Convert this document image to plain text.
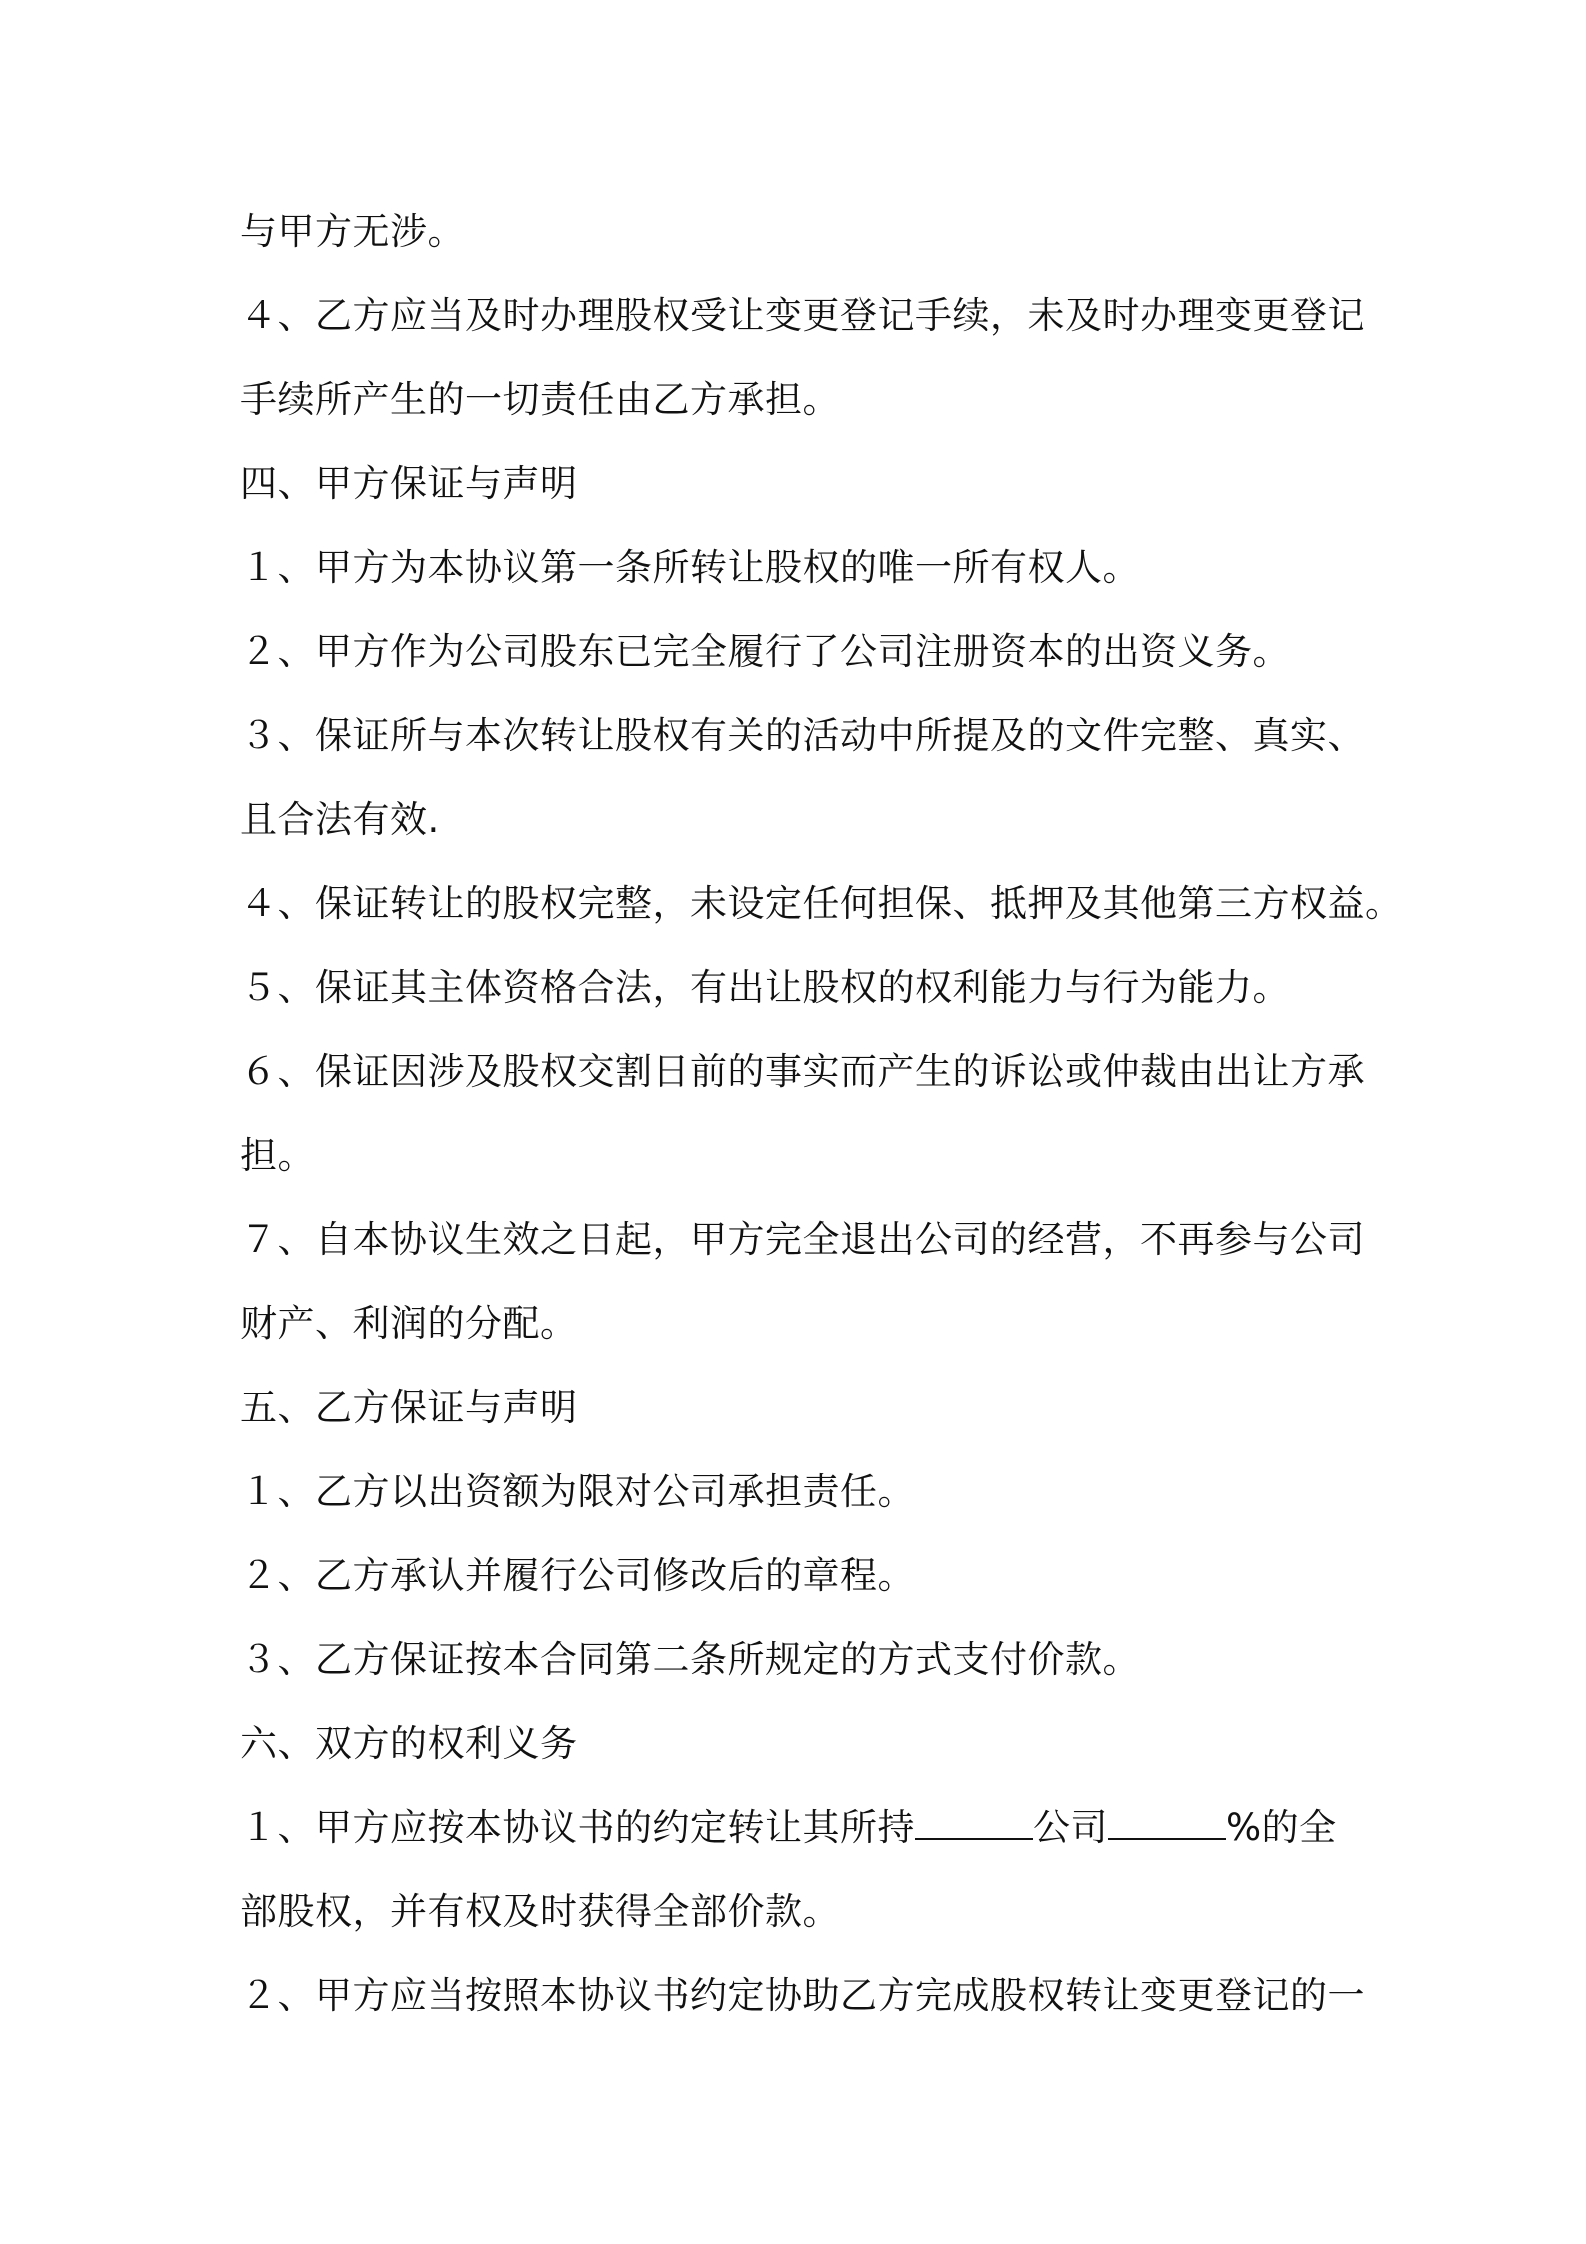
与甲方无涉。
４、乙方应当及时办理股权受让变更登记手续，未及时办理变更登记
手续所产生的一切责任由乙方承担。
四、甲方保证与声明
１、甲方为本协议第一条所转让股权的唯一所有权人。
２、甲方作为公司股东已完全履行了公司注册资本的出资义务。
３、保证所与本次转让股权有关的活动中所提及的文件完整、真实、
且合法有效.
４、保证转让的股权完整，未设定任何担保、抵押及其他第三方权益。
５、保证其主体资格合法，有出让股权的权利能力与行为能力。
６、保证因涉及股权交割日前的事实而产生的诉讼或仲裁由出让方承
担。
７、自本协议生效之日起，甲方完全退出公司的经营，不再参与公司
财产、利润的分配。
五、乙方保证与声明
１、乙方以出资额为限对公司承担责任。
２、乙方承认并履行公司修改后的章程。
３、乙方保证按本合同第二条所规定的方式支付价款。
六、双方的权利义务
１、甲方应按本协议书的约定转让其所持	公司	%的全
部股权，并有权及时获得全部价款。
２、甲方应当按照本协议书约定协助乙方完成股权转让变更登记的一
